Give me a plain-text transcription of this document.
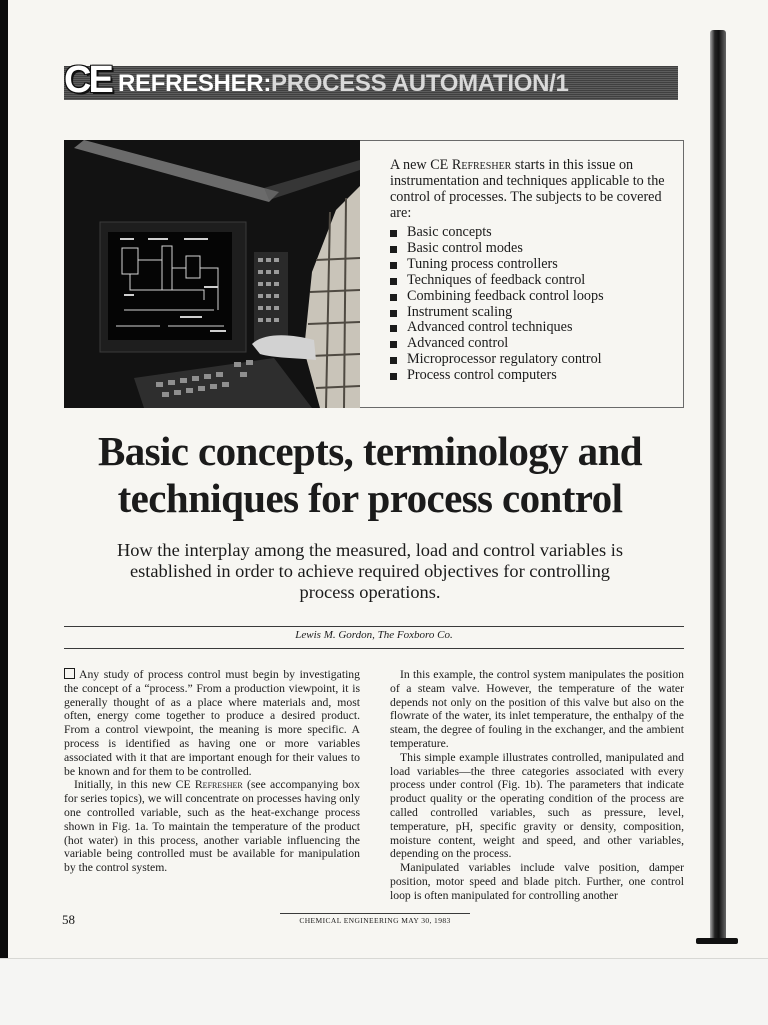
CE REFRESHER:PROCESS AUTOMATION/1
A new CE Refresher starts in this issue on instrumentation and techniques applicable to the control of processes. The subjects to be covered are:
Basic concepts
Basic control modes
Tuning process controllers
Techniques of feedback control
Combining feedback control loops
Instrument scaling
Advanced control techniques
Advanced control
Microprocessor regulatory control
Process control computers
Basic concepts, terminology and
techniques for process control
How the interplay among the measured, load and control variables is established in order to achieve required objectives for controlling process operations.
Lewis M. Gordon, The Foxboro Co.

Any study of process control must begin by investigating the concept of a “process.” From a production viewpoint, it is generally thought of as a place where materials and, most often, energy come together to produce a desired product. From a control viewpoint, the meaning is more specific. A process is identified as having one or more variables associated with it that are important enough for their values to be known and for them to be controlled.

Initially, in this new CE Refresher (see accompanying box for series topics), we will concentrate on processes having only one controlled variable, such as the heat-exchange process shown in Fig. 1a. To maintain the temperature of the product (hot water) in this process, another variable influencing the variable being controlled must be available for manipulation by the control system.

In this example, the control system manipulates the position of a steam valve. However, the temperature of the water depends not only on the position of this valve but also on the flowrate of the water, its inlet temperature, the enthalpy of the steam, the degree of fouling in the exchanger, and the ambient temperature.

This simple example illustrates controlled, manipulated and load variables—the three categories associated with every process under control (Fig. 1b). The parameters that indicate product quality or the operating condition of the process are called controlled variables, such as pressure, level, temperature, pH, specific gravity or density, composition, moisture content, weight and speed, and other variables, depending on the process.

Manipulated variables include valve position, damper position, motor speed and blade pitch. Further, one control loop is often manipulated for controlling another

58	CHEMICAL ENGINEERING MAY 30, 1983
